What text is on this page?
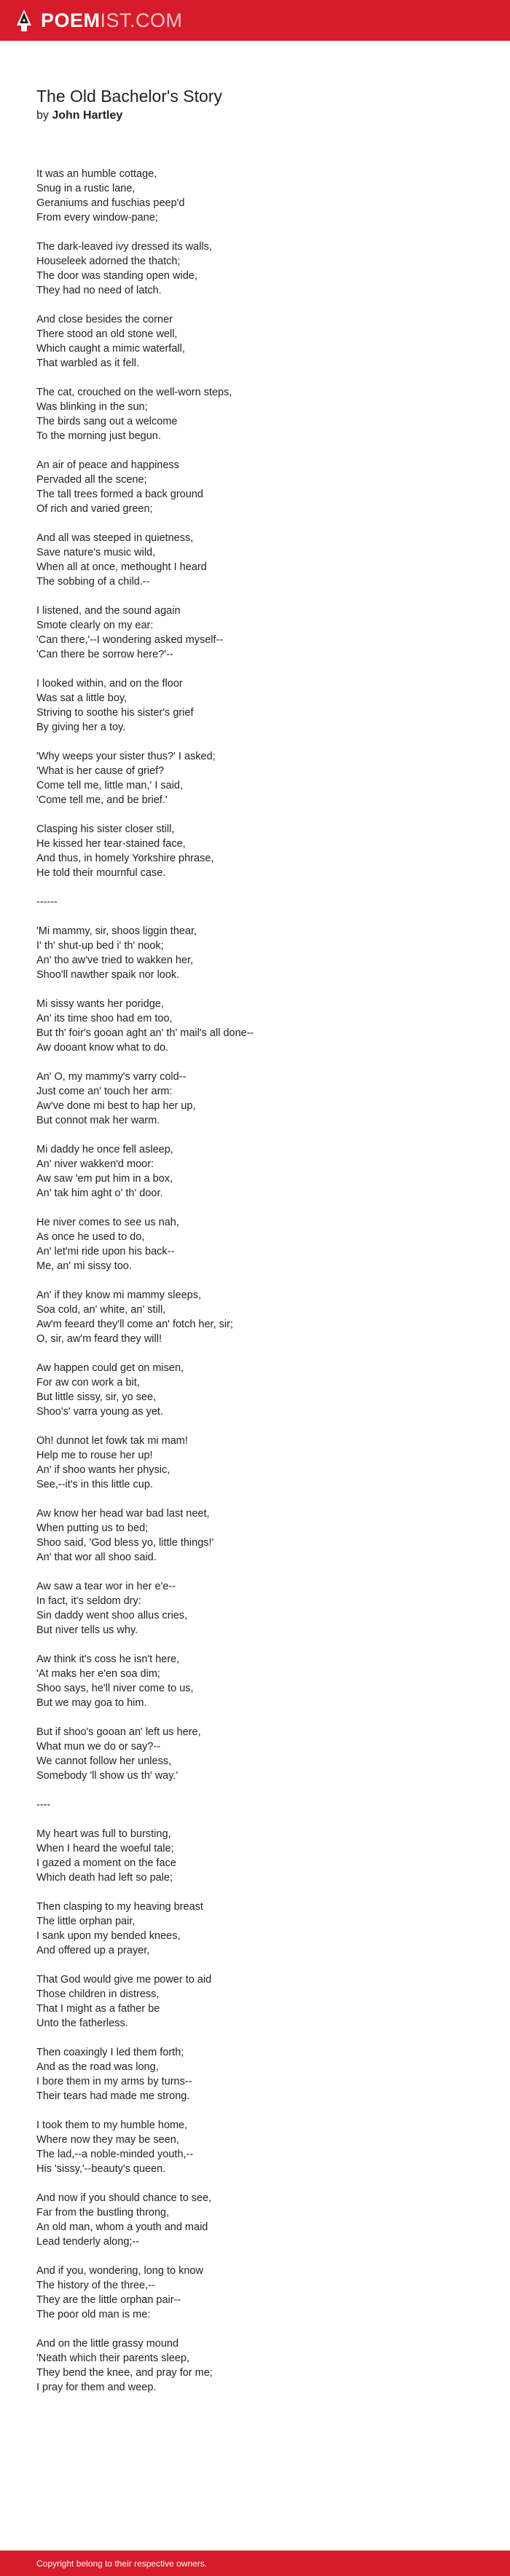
POEMIST.COM
The Old Bachelor's Story
by John Hartley
It was an humble cottage,
Snug in a rustic lane,
Geraniums and fuschias peep'd
From every window-pane;
The dark-leaved ivy dressed its walls,
Houseleek adorned the thatch;
The door was standing open wide,
They had no need of latch.
And close besides the corner
There stood an old stone well,
Which caught a mimic waterfall,
That warbled as it fell.
The cat, crouched on the well-worn steps,
Was blinking in the sun;
The birds sang out a welcome
To the morning just begun.
An air of peace and happiness
Pervaded all the scene;
The tall trees formed a back ground
Of rich and varied green;
And all was steeped in quietness,
Save nature's music wild,
When all at once, methought I heard
The sobbing of a child.--
I listened, and the sound again
Smote clearly on my ear:
'Can there,'--I wondering asked myself--
'Can there be sorrow here?'--
I looked within, and on the floor
Was sat a little boy,
Striving to soothe his sister's grief
By giving her a toy.
'Why weeps your sister thus?' I asked;
'What is her cause of grief?
Come tell me, little man,' I said,
'Come tell me, and be brief.'
Clasping his sister closer still,
He kissed her tear-stained face,
And thus, in homely Yorkshire phrase,
He told their mournful case.
------
'Mi mammy, sir, shoos liggin thear,
I' th' shut-up bed i' th' nook;
An' tho aw've tried to wakken her,
Shoo'll nawther spaik nor look.
Mi sissy wants her poridge,
An' its time shoo had em too,
But th' foir's gooan aght an' th' mail's all done--
Aw dooant know what to do.
An' O, my mammy's varry cold--
Just come an' touch her arm:
Aw've done mi best to hap her up,
But connot mak her warm.
Mi daddy he once fell asleep,
An' niver wakken'd moor:
Aw saw 'em put him in a box,
An' tak him aght o' th' door.
He niver comes to see us nah,
As once he used to do,
An' let'mi ride upon his back--
Me, an' mi sissy too.
An' if they know mi mammy sleeps,
Soa cold, an' white, an' still,
Aw'm feeard they'll come an' fotch her, sir;
O, sir, aw'm feard they will!
Aw happen could get on misen,
For aw con work a bit,
But little sissy, sir, yo see,
Shoo's' varra young as yet.
Oh! dunnot let fowk tak mi mam!
Help me to rouse her up!
An' if shoo wants her physic,
See,--it's in this little cup.
Aw know her head war bad last neet,
When putting us to bed;
Shoo said, 'God bless yo, little things!'
An' that wor all shoo said.
Aw saw a tear wor in her e'e--
In fact, it's seldom dry:
Sin daddy went shoo allus cries,
But niver tells us why.
Aw think it's coss he isn't here,
'At maks her e'en soa dim;
Shoo says, he'll niver come to us,
But we may goa to him.
But if shoo's gooan an' left us here,
What mun we do or say?--
We cannot follow her unless,
Somebody 'll show us th' way.'
----
My heart was full to bursting,
When I heard the woeful tale;
I gazed a moment on the face
Which death had left so pale;
Then clasping to my heaving breast
The little orphan pair,
I sank upon my bended knees,
And offered up a prayer,
That God would give me power to aid
Those children in distress,
That I might as a father be
Unto the fatherless.
Then coaxingly I led them forth;
And as the road was long,
I bore them in my arms by turns--
Their tears had made me strong.
I took them to my humble home,
Where now they may be seen,
The lad,--a noble-minded youth,--
His 'sissy,'--beauty's queen.
And now if you should chance to see,
Far from the bustling throng,
An old man, whom a youth and maid
Lead tenderly along;--
And if you, wondering, long to know
The history of the three,--
They are the little orphan pair--
The poor old man is me:
And on the little grassy mound
'Neath which their parents sleep,
They bend the knee, and pray for me;
I pray for them and weep.
Copyright belong to their respective owners.
